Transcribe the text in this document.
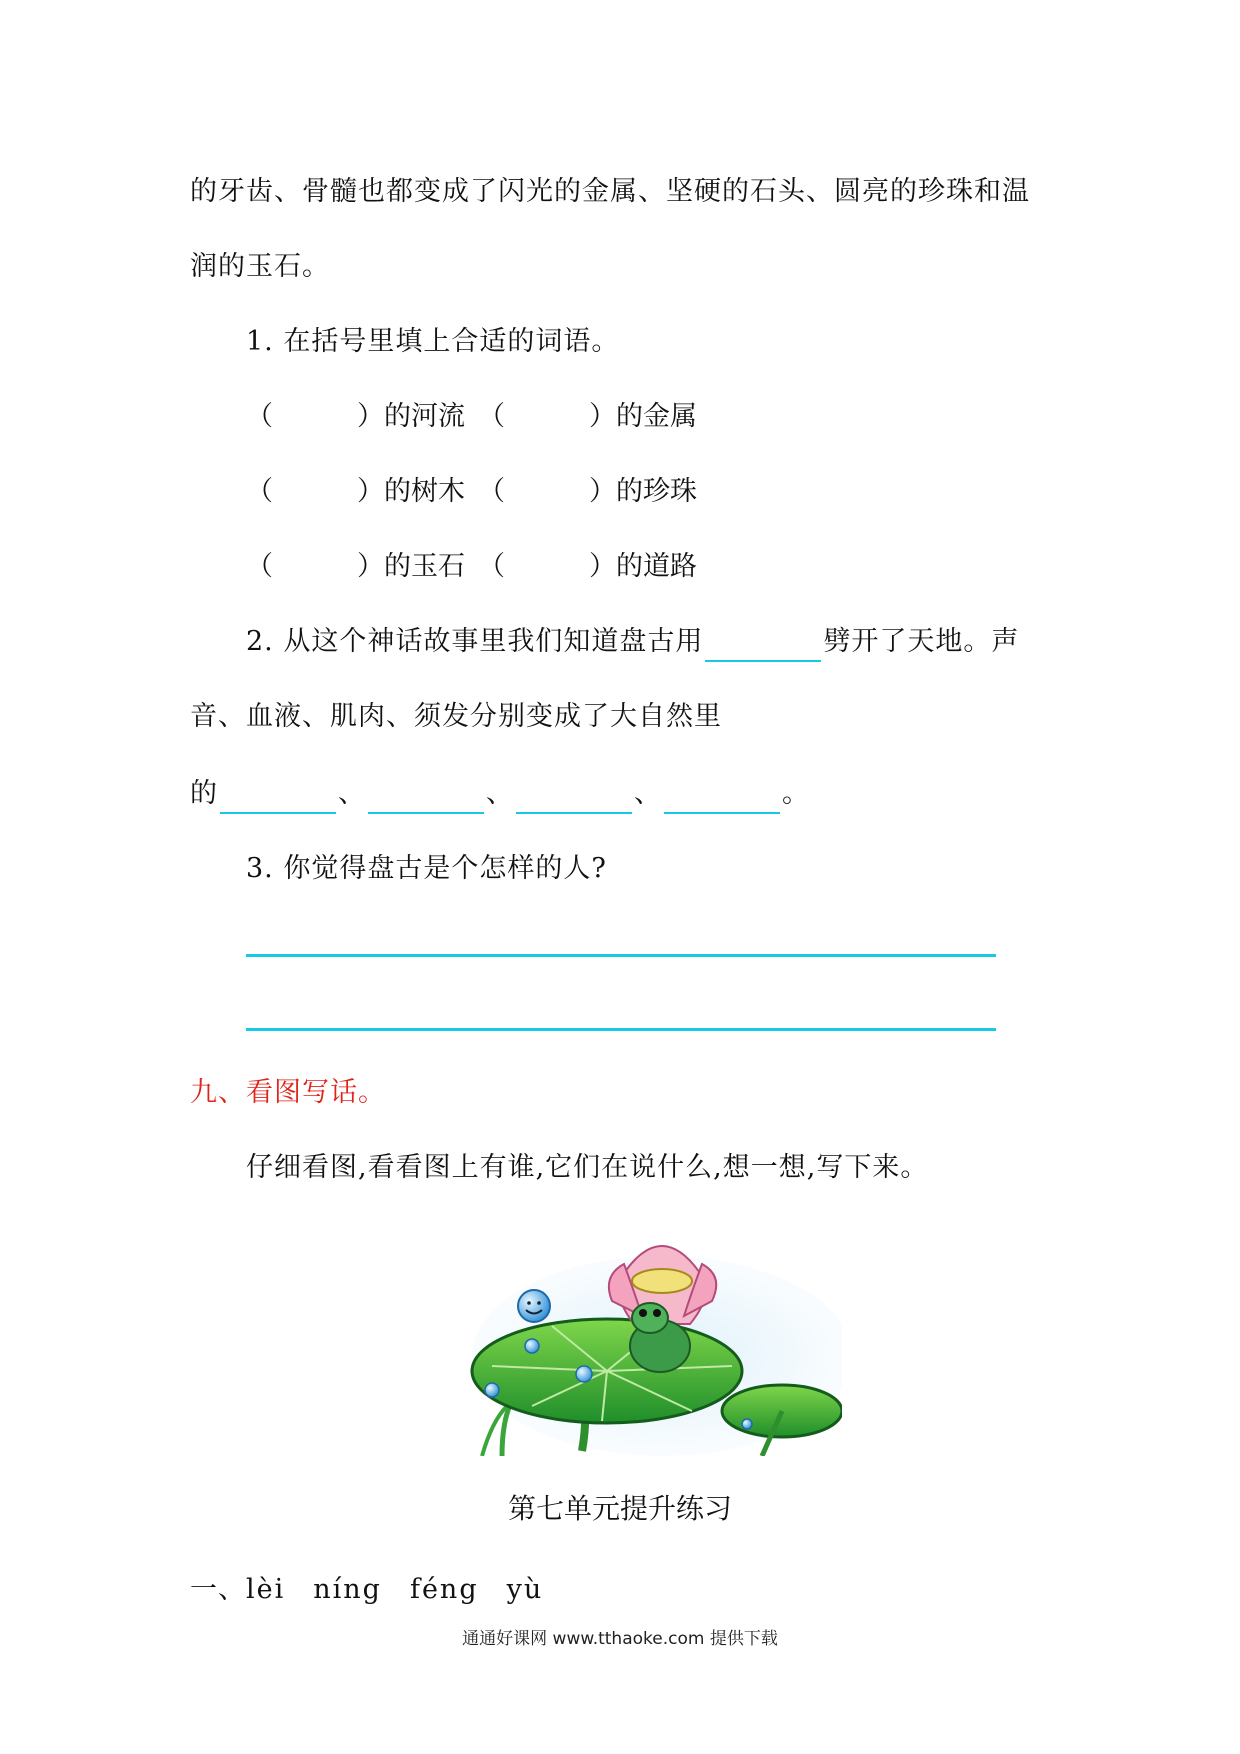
的牙齿、骨髓也都变成了闪光的金属、坚硬的石头、圆亮的珍珠和温
润的玉石。
1. 在括号里填上合适的词语。
（	）的河流 （	）的金属
（	）的树木 （	）的珍珠
（	）的玉石 （	）的道路
2. 从这个神话故事里我们知道盘古用	劈开了天地。声
音、血液、肌肉、须发分别变成了大自然里
的	、	、	、	。
3. 你觉得盘古是个怎样的人?
九、看图写话。
仔细看图,看看图上有谁,它们在说什么,想一想,写下来。
第七单元提升练习
一、lèi níng féng yù
通通好课网 www.tthaoke.com 提供下载
